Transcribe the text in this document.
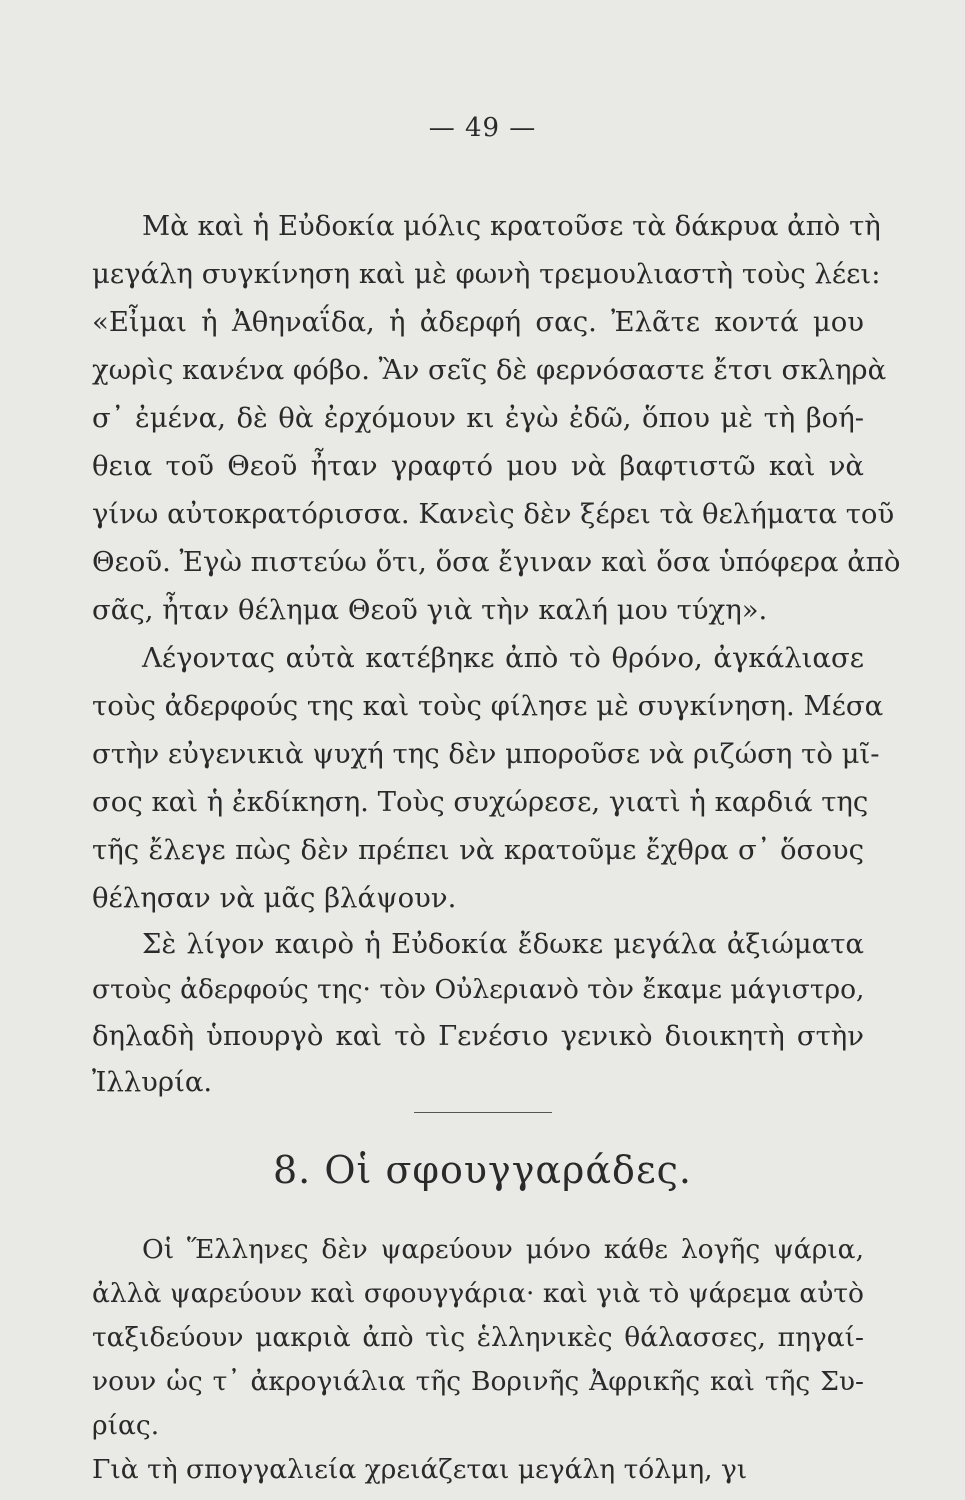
— 49 —
Μὰ καὶ ἡ Εὐδοκία μόλις κρατοῦσε τὰ δάκρυα ἀπὸ τὴ
μεγάλη συγκίνηση καὶ μὲ φωνὴ τρεμουλιαστὴ τοὺς λέει:
«Εἶμαι ἡ Ἀθηναΐδα, ἡ ἀδερφή σας. Ἐλᾶτε κοντά μου
χωρὶς κανένα φόβο. Ἂν σεῖς δὲ φερνόσαστε ἔτσι σκληρὰ
σ᾽ ἐμένα, δὲ θὰ ἐρχόμουν κι ἐγὼ ἐδῶ, ὅπου μὲ τὴ βοή-
θεια τοῦ Θεοῦ ἦταν γραφτό μου νὰ βαφτιστῶ καὶ νὰ
γίνω αὐτοκρατόρισσα. Κανεὶς δὲν ξέρει τὰ θελήματα τοῦ
Θεοῦ. Ἐγὼ πιστεύω ὅτι, ὅσα ἔγιναν καὶ ὅσα ὑπόφερα ἀπὸ
σᾶς, ἦταν θέλημα Θεοῦ γιὰ τὴν καλή μου τύχη».
Λέγοντας αὐτὰ κατέβηκε ἀπὸ τὸ θρόνο, ἀγκάλιασε
τοὺς ἀδερφούς της καὶ τοὺς φίλησε μὲ συγκίνηση. Μέσα
στὴν εὐγενικιὰ ψυχή της δὲν μποροῦσε νὰ ριζώση τὸ μῖ-
σος καὶ ἡ ἐκδίκηση. Τοὺς συχώρεσε, γιατὶ ἡ καρδιά της
τῆς ἔλεγε πὼς δὲν πρέπει νὰ κρατοῦμε ἔχθρα σ᾽ ὅσους
θέλησαν νὰ μᾶς βλάψουν.
Σὲ λίγον καιρὸ ἡ Εὐδοκία ἔδωκε μεγάλα ἀξιώματα
στοὺς ἀδερφούς της· τὸν Οὐλεριανὸ τὸν ἔκαμε μάγιστρο,
δηλαδὴ ὑπουργὸ καὶ τὸ Γενέσιο γενικὸ διοικητὴ στὴν
Ἰλλυρία.
8. Οἱ σφουγγαράδες.
Οἱ Ἕλληνες δὲν ψαρεύουν μόνο κάθε λογῆς ψάρια,
ἀλλὰ ψαρεύουν καὶ σφουγγάρια· καὶ γιὰ τὸ ψάρεμα αὐτὸ
ταξιδεύουν μακριὰ ἀπὸ τὶς ἑλληνικὲς θάλασσες, πηγαί-
νουν ὡς τ᾽ ἀκρογιάλια τῆς Βορινῆς Ἀφρικῆς καὶ τῆς Συ-
ρίας.
Γιὰ τὴ σπογγαλιεία χρειάζεται μεγάλη τόλμη, γι
